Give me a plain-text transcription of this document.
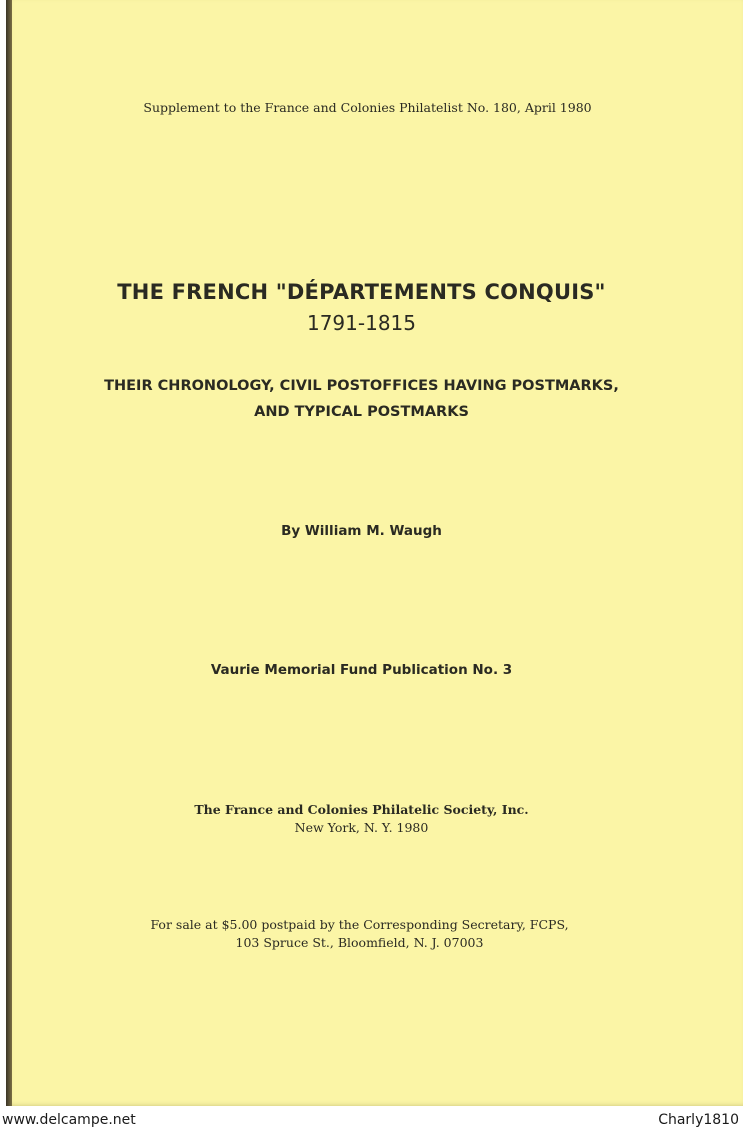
Supplement to the France and Colonies Philatelist No. 180, April 1980
THE FRENCH "DÉPARTEMENTS CONQUIS"
1791-1815
THEIR CHRONOLOGY, CIVIL POSTOFFICES HAVING POSTMARKS,
AND TYPICAL POSTMARKS
By William M. Waugh
Vaurie Memorial Fund Publication No. 3
The France and Colonies Philatelic Society, Inc.
New York, N. Y. 1980
For sale at $5.00 postpaid by the Corresponding Secretary, FCPS,
103 Spruce St., Bloomfield, N. J. 07003
www.delcampe.net	Charly1810
